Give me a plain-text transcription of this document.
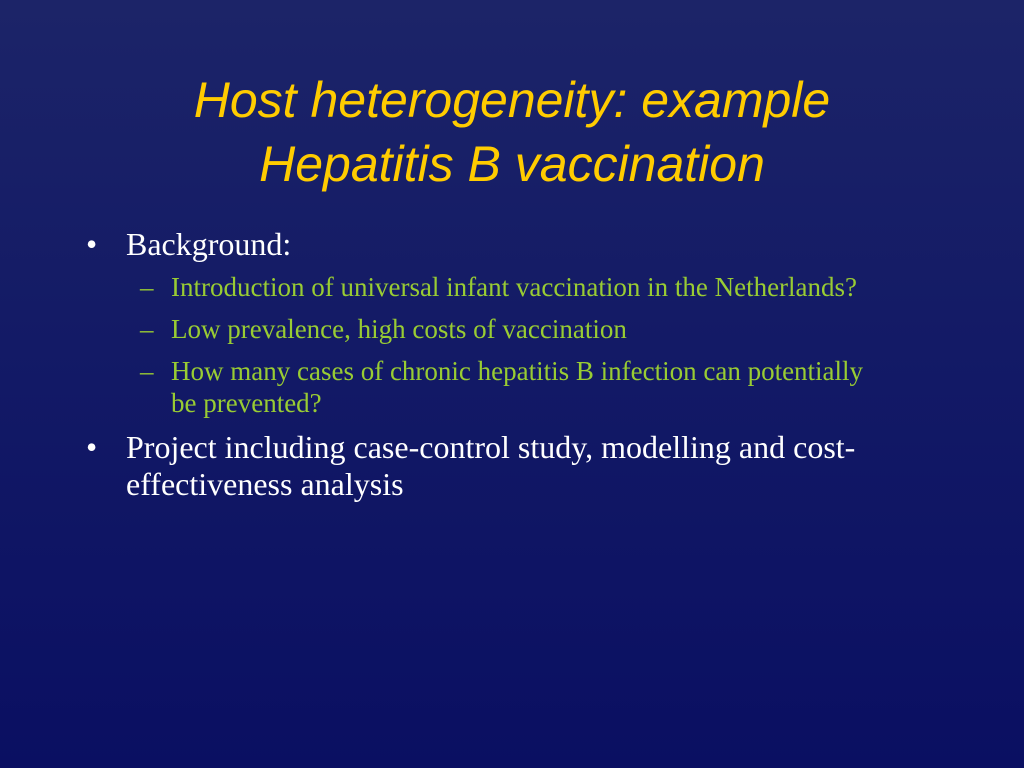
Host heterogeneity: example
Hepatitis B vaccination
• Background:
– Introduction of universal infant vaccination in the Netherlands?
– Low prevalence, high costs of vaccination
– How many cases of chronic hepatitis B infection can potentially be prevented?
• Project including case-control study, modelling and cost-effectiveness analysis
